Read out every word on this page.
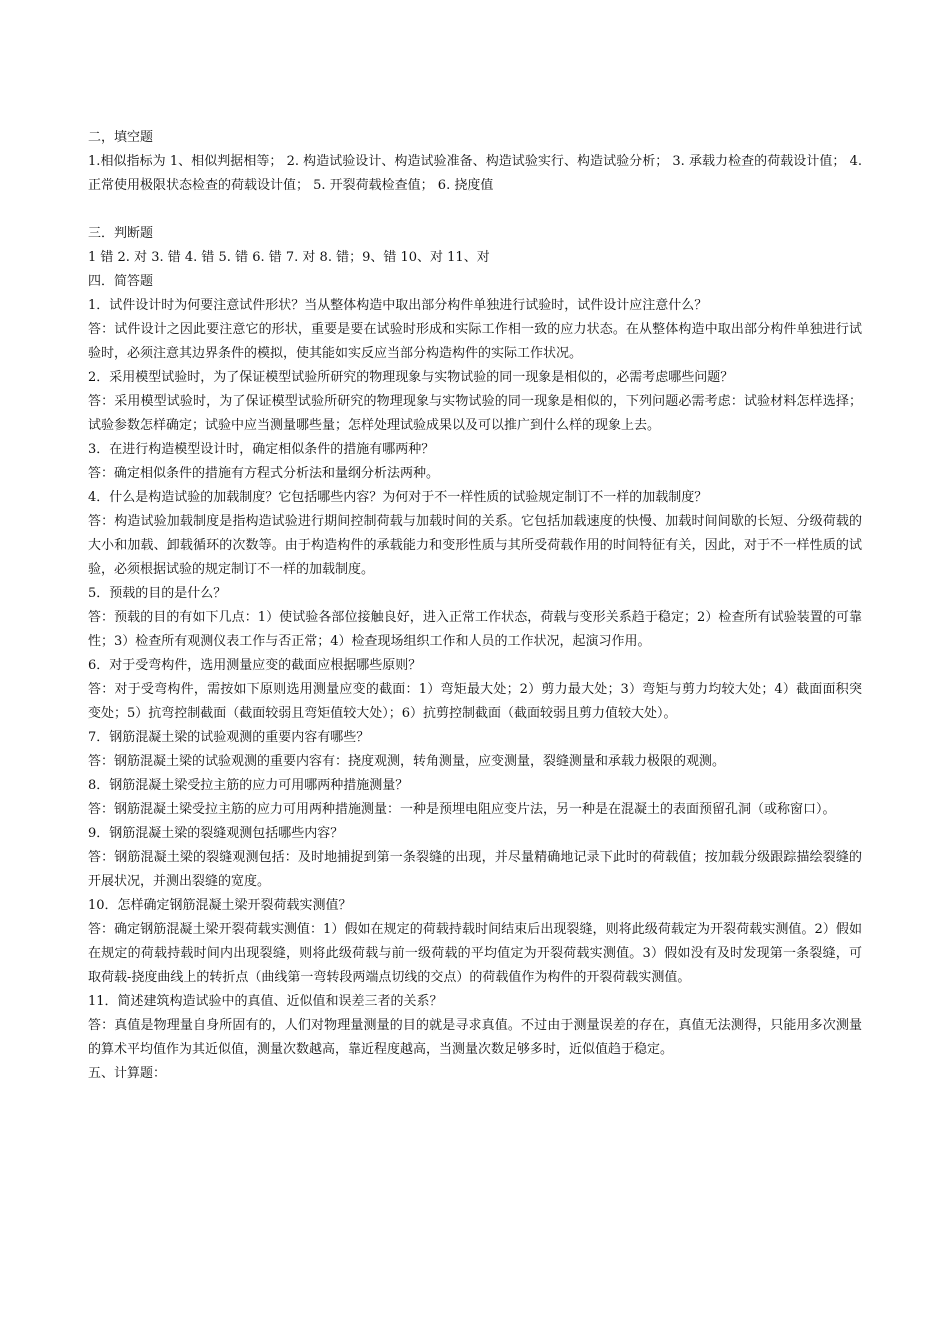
二，填空题

1.相似指标为 1、相似判据相等； 2. 构造试验设计、构造试验准备、构造试验实行、构造试验分析； 3. 承载力检查的荷载设计值； 4. 正常使用极限状态检查的荷载设计值； 5. 开裂荷载检查值； 6. 挠度值

三．判断题

1 错 2. 对 3. 错 4. 错 5. 错 6. 错 7. 对 8. 错；9、错 10、对 11、对

四．简答题

1．试件设计时为何要注意试件形状？当从整体构造中取出部分构件单独进行试验时，试件设计应注意什么？

答：试件设计之因此要注意它的形状，重要是要在试验时形成和实际工作相一致的应力状态。在从整体构造中取出部分构件单独进行试验时，必须注意其边界条件的模拟，使其能如实反应当部分构造构件的实际工作状况。

2．采用模型试验时，为了保证模型试验所研究的物理现象与实物试验的同一现象是相似的，必需考虑哪些问题？

答：采用模型试验时，为了保证模型试验所研究的物理现象与实物试验的同一现象是相似的，下列问题必需考虑：试验材料怎样选择；试验参数怎样确定；试验中应当测量哪些量；怎样处理试验成果以及可以推广到什么样的现象上去。

3．在进行构造模型设计时，确定相似条件的措施有哪两种？

答：确定相似条件的措施有方程式分析法和量纲分析法两种。

4．什么是构造试验的加载制度？它包括哪些内容？为何对于不一样性质的试验规定制订不一样的加载制度？

答：构造试验加载制度是指构造试验进行期间控制荷载与加载时间的关系。它包括加载速度的快慢、加载时间间歇的长短、分级荷载的大小和加载、卸载循环的次数等。由于构造构件的承载能力和变形性质与其所受荷载作用的时间特征有关，因此，对于不一样性质的试验，必须根据试验的规定制订不一样的加载制度。

5．预载的目的是什么？

答：预载的目的有如下几点：1）使试验各部位接触良好，进入正常工作状态，荷载与变形关系趋于稳定；2）检查所有试验装置的可靠性；3）检查所有观测仪表工作与否正常；4）检查现场组织工作和人员的工作状况，起演习作用。

6．对于受弯构件，选用测量应变的截面应根据哪些原则？

答：对于受弯构件，需按如下原则选用测量应变的截面：1）弯矩最大处；2）剪力最大处；3）弯矩与剪力均较大处；4）截面面积突变处；5）抗弯控制截面（截面较弱且弯矩值较大处）；6）抗剪控制截面（截面较弱且剪力值较大处）。

7．钢筋混凝土梁的试验观测的重要内容有哪些？

答：钢筋混凝土梁的试验观测的重要内容有：挠度观测，转角测量，应变测量，裂缝测量和承载力极限的观测。

8．钢筋混凝土梁受拉主筋的应力可用哪两种措施测量？

答：钢筋混凝土梁受拉主筋的应力可用两种措施测量：一种是预埋电阻应变片法，另一种是在混凝土的表面预留孔洞（或称窗口）。

9．钢筋混凝土梁的裂缝观测包括哪些内容？

答：钢筋混凝土梁的裂缝观测包括：及时地捕捉到第一条裂缝的出现，并尽量精确地记录下此时的荷载值；按加载分级跟踪描绘裂缝的开展状况，并测出裂缝的宽度。

10．怎样确定钢筋混凝土梁开裂荷载实测值？

答：确定钢筋混凝土梁开裂荷载实测值：1）假如在规定的荷载持载时间结束后出现裂缝，则将此级荷载定为开裂荷载实测值。2）假如在规定的荷载持载时间内出现裂缝，则将此级荷载与前一级荷载的平均值定为开裂荷载实测值。3）假如没有及时发现第一条裂缝，可取荷载-挠度曲线上的转折点（曲线第一弯转段两端点切线的交点）的荷载值作为构件的开裂荷载实测值。

11．简述建筑构造试验中的真值、近似值和误差三者的关系？

答：真值是物理量自身所固有的，人们对物理量测量的目的就是寻求真值。不过由于测量误差的存在，真值无法测得，只能用多次测量的算术平均值作为其近似值，测量次数越高，靠近程度越高，当测量次数足够多时，近似值趋于稳定。

五、计算题：
